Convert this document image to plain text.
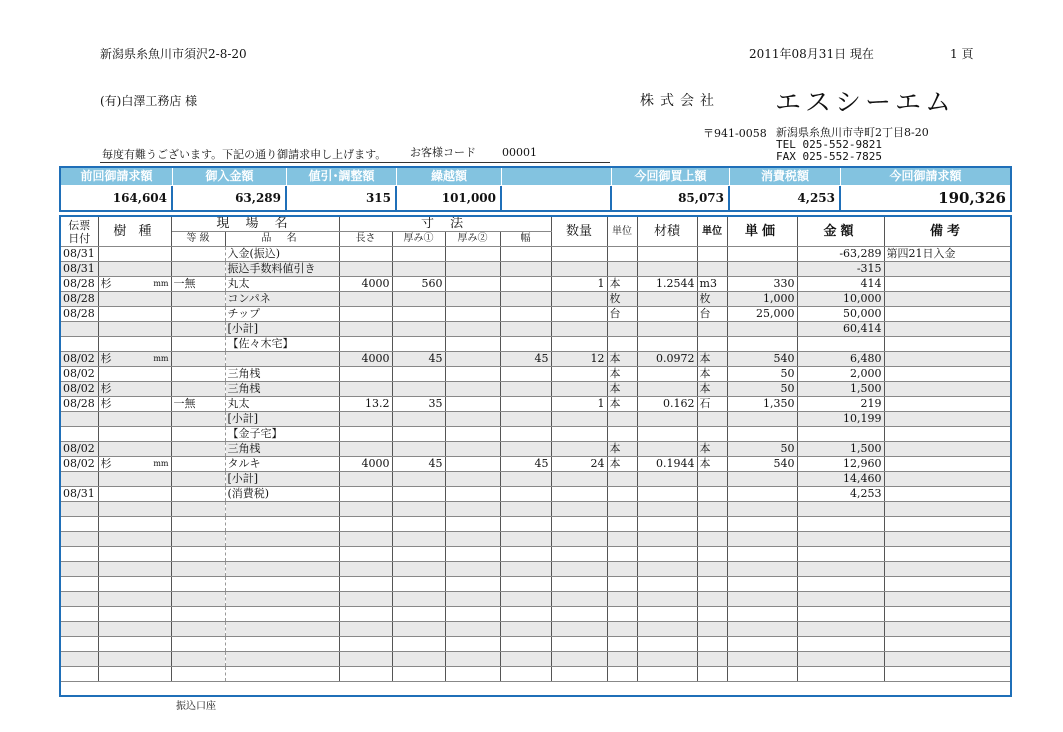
新潟県糸魚川市須沢2-8-20	2011年08月31日 現在	1 頁
(有)白澤工務店 様	株式会社 エスシーエム
〒941-0058 新潟県糸魚川市寺町2丁目8-20
TEL 025-552-9821
FAX 025-552-7825
毎度有難うございます。下記の通り御請求申し上げます。 お客様コード 00001
前回御請求額	御入金額	値引･調整額	繰越額	今回御買上額	消費税額	今回御請求額
164,604	63,289	315	101,000	85,073	4,253	190,326
伝票
日付	樹 種	現 場 名		寸 法				数量	単位	材積	単位	単価	金額	備考
		等 級	品 名	長さ	厚み①	厚み②	幅							
08/31			入金(振込)										-63,289	第四21日入金
08/31			振込手数料値引き										-315	
08/28	杉 mm	一無	丸太	4000	560			1	本	1.2544	m3	330	414	
08/28			コンパネ						枚		枚	1,000	10,000	
08/28			チップ						台		台	25,000	50,000	

		[小計]										60,414	

		【佐々木宅】											
08/02	杉 mm			4000	45		45	12	本	0.0972	本	540	6,480	
08/02			三角桟						本		本	50	2,000	
08/02	杉		三角桟						本		本	50	1,500	
08/28	杉	一無	丸太	13.2	35			1	本	0.162	石	1,350	219	

		[小計]										10,199	

		【金子宅】											
08/02			三角桟						本		本	50	1,500	
08/02	杉 mm		タルキ	4000	45		45	24	本	0.1944	本	540	12,960	

		[小計]										14,460	
08/31			(消費税)										4,253	

振込口座
